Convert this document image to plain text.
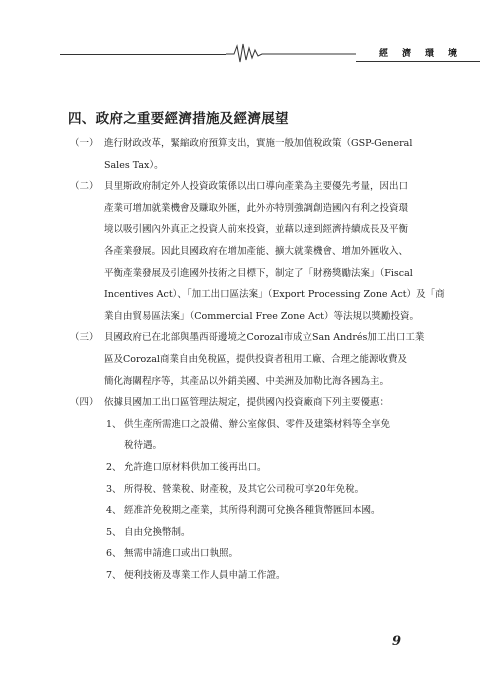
經濟環境
四、政府之重要經濟措施及經濟展望
（一） 進行財政改革，緊縮政府預算支出，實施一般加值稅政策（GSP-General
Sales Tax）。
（二） 貝里斯政府制定外人投資政策係以出口導向產業為主要優先考量，因出口
產業可增加就業機會及賺取外匯，此外亦特別強調創造國內有利之投資環
境以吸引國內外真正之投資人前來投資，並藉以達到經濟持續成長及平衡
各產業發展。因此貝國政府在增加產能、擴大就業機會、增加外匯收入、
平衡產業發展及引進國外技術之目標下，制定了「財務獎勵法案」（Fiscal
Incentives Act）、「加工出口區法案」（Export Processing Zone Act）及「商
業自由貿易區法案」（Commercial Free Zone Act）等法規以獎勵投資。
（三） 貝國政府已在北部與墨西哥邊境之Corozal市成立San Andrés加工出口工業
區及Corozal商業自由免稅區，提供投資者租用工廠、合理之能源收費及
簡化海關程序等，其產品以外銷美國、中美洲及加勒比海各國為主。
（四） 依據貝國加工出口區管理法規定，提供國內投資廠商下列主要優惠：
1、 供生產所需進口之設備、辦公室傢俱、零件及建築材料等全享免
稅待遇。
2、 允許進口原材料供加工後再出口。
3、 所得稅、營業稅、財產稅，及其它公司稅可享20年免稅。
4、 經准許免稅期之產業，其所得利潤可兌換各種貨幣匯回本國。
5、 自由兌換幣制。
6、 無需申請進口或出口執照。
7、 便利技術及專業工作人員申請工作證。
9
